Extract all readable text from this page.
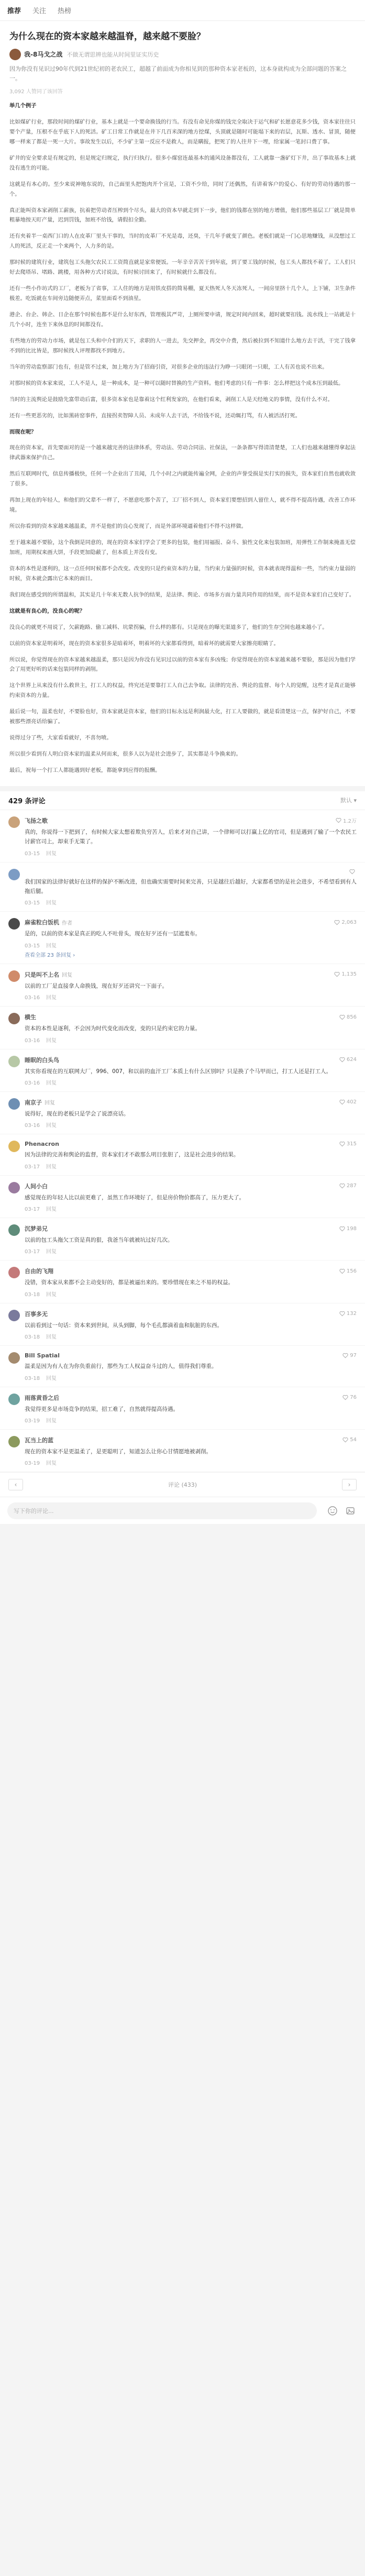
推荐 关注 热榜
为什么现在的资本家越来越温脊，越来越不要脸？
我-8马戈之战 不做无谓思辨也能从时间里证实历史
因为你没有见识过90年代到21世纪初的老农民工，超越了前面成为你相见到的那种资本家老板的，这本身就构成为全部问题的答案之一。
3,092 人赞同了该回答

举几个例子

比如煤矿行业，那段时间的煤矿行业，基本上就是一个要命换钱的行当。有没有命见你煤的钱完全取决于运气和矿长愿意花多少钱，资本家往往只要个产量，压根不在乎底下人的死活。矿工日常工作就是在井下几百米深的地方挖煤，头顶就是随时可能塌下来的岩层，瓦斯、透水、冒顶，随便哪一样来了都是一死一大片。事故发生以后，不少矿主第一反应不是救人，而是瞒报，把死了的人往井下一埋，给家属一笔封口费了事。

矿井的安全要求是有规定的，但是规定归规定，执行归执行。很多小煤窑连最基本的通风设备都没有，工人就靠一盏矿灯下井，出了事故基本上就没有逃生的可能。

这就是有本心的。至少来说神地东说的，自己面里头把饱肉开个宣是，工资不少给，同时了还偶然，有讲着客户的爱心、有好的劳动待遇的那一个。

真正能叫资本家剥削工薪族，抗着把劳动者压榨到个尽头，最大的资本早就走到下一步，他们的钱都在别的地方增值，他们那些基层工厂就是简单粗暴地按天盯产量，迟到罚钱，加班不给钱，请假扣全勤。

还有夹着半一桌西门口的人在皮革厂里头干事的，当时的皮革厂不光是毒，还臭，干几年手就变了颜色。老板们就是一门心思地赚钱，从没想过工人的死活，反正走一个来两个，人力多的是。

那时候的建筑行业，建筑包工头拖欠农民工工资简直就是家常便饭。一年辛辛苦苦干到年底，到了要工钱的时候，包工头人都找不着了。工人们只好去爬塔吊、堵路、跳楼，用各种方式讨说法，有时候讨回来了，有时候就什么都没有。

还有一些小作坊式的工厂，老板为了省事，工人住的地方是用铁皮搭的简易棚，夏天热死人冬天冻死人，一间房里挤十几个人，上下铺，卫生条件极差。吃饭就在车间旁边随便弄点，菜里面看不到油星。

港企、台企、韩企、日企在那个时候也都不是什么好东西，管理极其严苛，上厕所要申请，规定时间内回来，超时就要扣钱。流水线上一站就是十几个小时，连坐下来休息的时间都没有。

有些地方的劳动力市场，就是包工头和中介们的天下，求职的人一进去，先交押金，再交中介费，然后被拉到不知道什么地方去干活，干完了钱拿不到的比比皆是，那时候找人评理都找不到地方。

当年的劳动监察部门也有，但是管不过来，加上地方为了招商引资，对很多企业的违法行为睁一只眼闭一只眼，工人有苦也说不出来。

对那时候的资本家来说，工人不是人，是一种成本，是一种可以随时替换的生产资料。他们考虑的只有一件事：怎么样把这个成本压到最低。

当时的主流舆论是鼓励先富带动后富，很多资本家也是靠着这个红利发家的，在他们看来，剥削工人是天经地义的事情，没有什么不对。

还有一些更恶劣的，比如黑砖窑事件，直接拐卖智障人员、未成年人去干活，不给钱不说，还动辄打骂，有人被活活打死。

而现在呢？

现在的资本家，首先要面对的是一个越来越完善的法律体系，劳动法、劳动合同法、社保法，一条条都写得清清楚楚，工人们也越来越懂得拿起法律武器来保护自己。

然后互联网时代，信息传播极快，任何一个企业出了丑闻，几个小时之内就能传遍全网，企业的声誉受损是实打实的损失，资本家们自然也就收敛了很多。

再加上现在的年轻人，和他们的父辈不一样了，不愿意吃那个苦了，工厂招不到人，资本家们要想招到人留住人，就不得不提高待遇，改善工作环境。

所以你看到的资本家越来越温柔，并不是他们的良心发现了，而是外部环境逼着他们不得不这样做。

至于越来越不要脸，这个我倒是同意的，现在的资本家们学会了更多的包装，他们用福报、奋斗、狼性文化来包装加班，用弹性工作制来掩盖无偿加班，用期权来画大饼，手段更加隐蔽了，但本质上并没有变。

资本的本性是逐利的，这一点任何时候都不会改变。改变的只是约束资本的力量，当约束力量强的时候，资本就表现得温和一些，当约束力量弱的时候，资本就会露出它本来的面目。

我们现在感受到的所谓温和，其实是几十年来无数人抗争的结果，是法律、舆论、市场多方面力量共同作用的结果，而不是资本家们自己变好了。

这就是有良心的，没良心的呢？

没良心的就更不用说了，欠薪跑路、偷工减料、坑蒙拐骗，什么样的都有。只是现在的曝光渠道多了，他们的生存空间也越来越小了。

以前的资本家是明着坏，现在的资本家很多是暗着坏，明着坏的大家都看得到，暗着坏的就需要大家擦亮眼睛了。

所以说，你觉得现在的资本家越来越温柔，那只是因为你没有见识过以前的资本家有多凶残；你觉得现在的资本家越来越不要脸，那是因为他们学会了用更好听的话来包装同样的剥削。

这个世界上从来没有什么救世主，打工人的权益，终究还是要靠打工人自己去争取。法律的完善、舆论的监督、每个人的觉醒，这些才是真正能够约束资本的力量。

最后说一句，温柔也好，不要脸也好，资本家就是资本家，他们的目标永远是利润最大化，打工人要做的，就是看清楚这一点，保护好自己，不要被那些漂亮话给骗了。

说得过分了些，大家看看就好，不喜勿喷。

所以很少看到有人明白资本家的温柔从何而来，很多人以为是社会进步了，其实都是斗争换来的。

最后，祝每一个打工人都能遇到好老板，都能拿到应得的报酬。

429 条评论	默认 ▾
飞扬之歌	1.2万
真的，你说得一下把到了，有时候大家太想着欺负穷苦人，后来才对自己讲，一个律师可以打赢上亿的官司，但是遇到了输了一个农民工讨薪官司上，却束手无策了。
03-15 回复
我们国家的法律好就好在这样的保护不断改进，但也确实需要时间来完善，只是越往后越好，大家都希望的是社会进步，不希望看到有人拖后腿。
03-15 回复
麻雀粒白饭机 作者	2,063
是的，以前的资本家是真正的吃人不吐骨头，现在好歹还有一层遮羞布。
03-15 回复
查看全部 23 条回复 ›
只是叫不上名 回复	1,135
以前的工厂是直接拿人命换钱，现在好歹还讲究一下面子。
03-16 回复
横生	856
资本的本性是逐利，不会因为时代变化而改变，变的只是约束它的力量。
03-16 回复
睡眠的白头鸟	624
其实你看现在的互联网大厂，996、007，和以前的血汗工厂本质上有什么区别吗？只是换了个马甲而已，打工人还是打工人。
03-16 回复
南京子 回复	402
说得好，现在的老板只是学会了说漂亮话。
03-16 回复
Phenacron	315
因为法律的完善和舆论的监督，资本家们才不敢那么明目张胆了，这是社会进步的结果。
03-17 回复
人间小白	287
感觉现在的年轻人比以前更难了，虽然工作环境好了，但是房价物价都高了，压力更大了。
03-17 回复
沉梦弟兄	198
以前的包工头拖欠工资是真的狠，我爸当年就被坑过好几次。
03-17 回复
自由的飞翔	156
没错，资本家从来都不会主动变好的，都是被逼出来的。要珍惜现在来之不易的权益。
03-18 回复
百事多无	132
以前看到过一句话：资本来到世间，从头到脚，每个毛孔都滴着血和肮脏的东西。
03-18 回复
Bill Spatial	97
温柔是因为有人在为你负重前行，那些为工人权益奋斗过的人，值得我们尊重。
03-18 回复
雨落黄昏之后	76
我觉得更多是市场竞争的结果，招工难了，自然就得提高待遇。
03-19 回复
瓦当上的蓝	54
现在的资本家不是更温柔了，是更聪明了，知道怎么让你心甘情愿地被剥削。
03-19 回复
‹	评论 (433)	›
写下你的评论...
